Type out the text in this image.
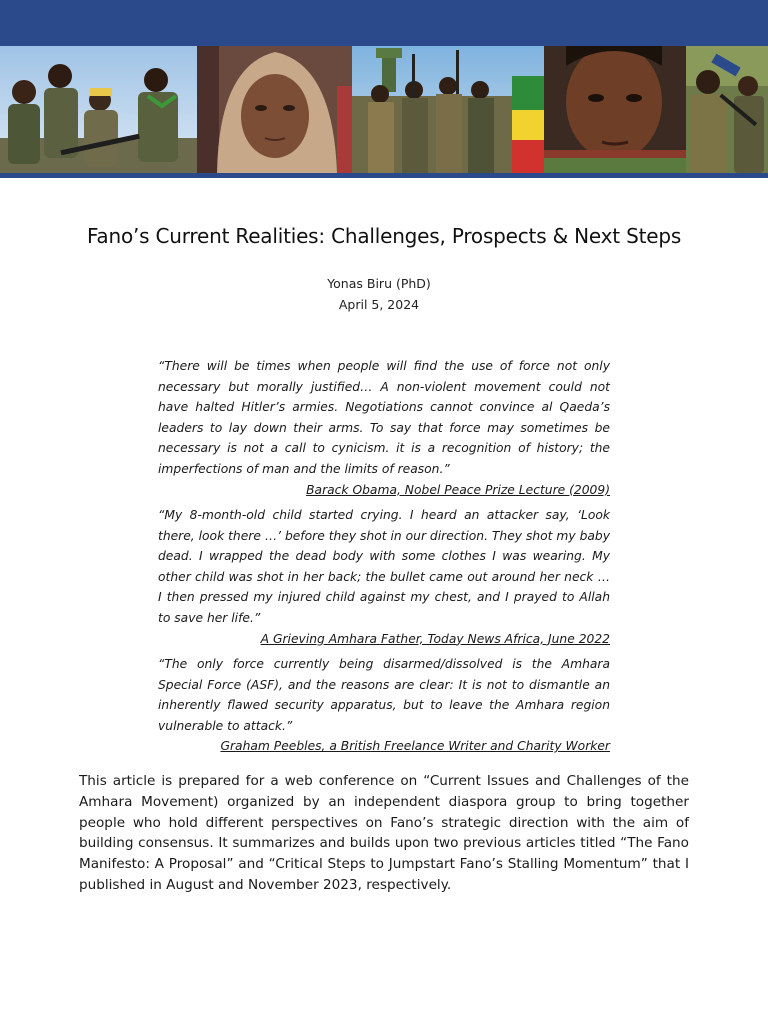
Fano’s Current Realities: Challenges, Prospects & Next Steps
Yonas Biru (PhD)
April 5, 2024

“There will be times when people will find the use of force not only necessary but morally justified… A non-violent movement could not have halted Hitler’s armies. Negotiations cannot convince al Qaeda’s leaders to lay down their arms. To say that force may sometimes be necessary is not a call to cynicism. it is a recognition of history; the imperfections of man and the limits of reason.”

Barack Obama, Nobel Peace Prize Lecture (2009)

“My 8-month-old child started crying. I heard an attacker say, ‘Look there, look there …’ before they shot in our direction. They shot my baby dead. I wrapped the dead body with some clothes I was wearing. My other child was shot in her back; the bullet came out around her neck … I then pressed my injured child against my chest, and I prayed to Allah to save her life.”

A Grieving Amhara Father, Today News Africa, June 2022

“The only force currently being disarmed/dissolved is the Amhara Special Force (ASF), and the reasons are clear: It is not to dismantle an inherently flawed security apparatus, but to leave the Amhara region vulnerable to attack.”

Graham Peebles, a British Freelance Writer and Charity Worker

This article is prepared for a web conference on “Current Issues and Challenges of the Amhara Movement) organized by an independent diaspora group to bring together people who hold different perspectives on Fano’s strategic direction with the aim of building consensus. It summarizes and builds upon two previous articles titled “The Fano Manifesto: A Proposal” and “Critical Steps to Jumpstart Fano’s Stalling Momentum” that I published in August and November 2023, respectively.
